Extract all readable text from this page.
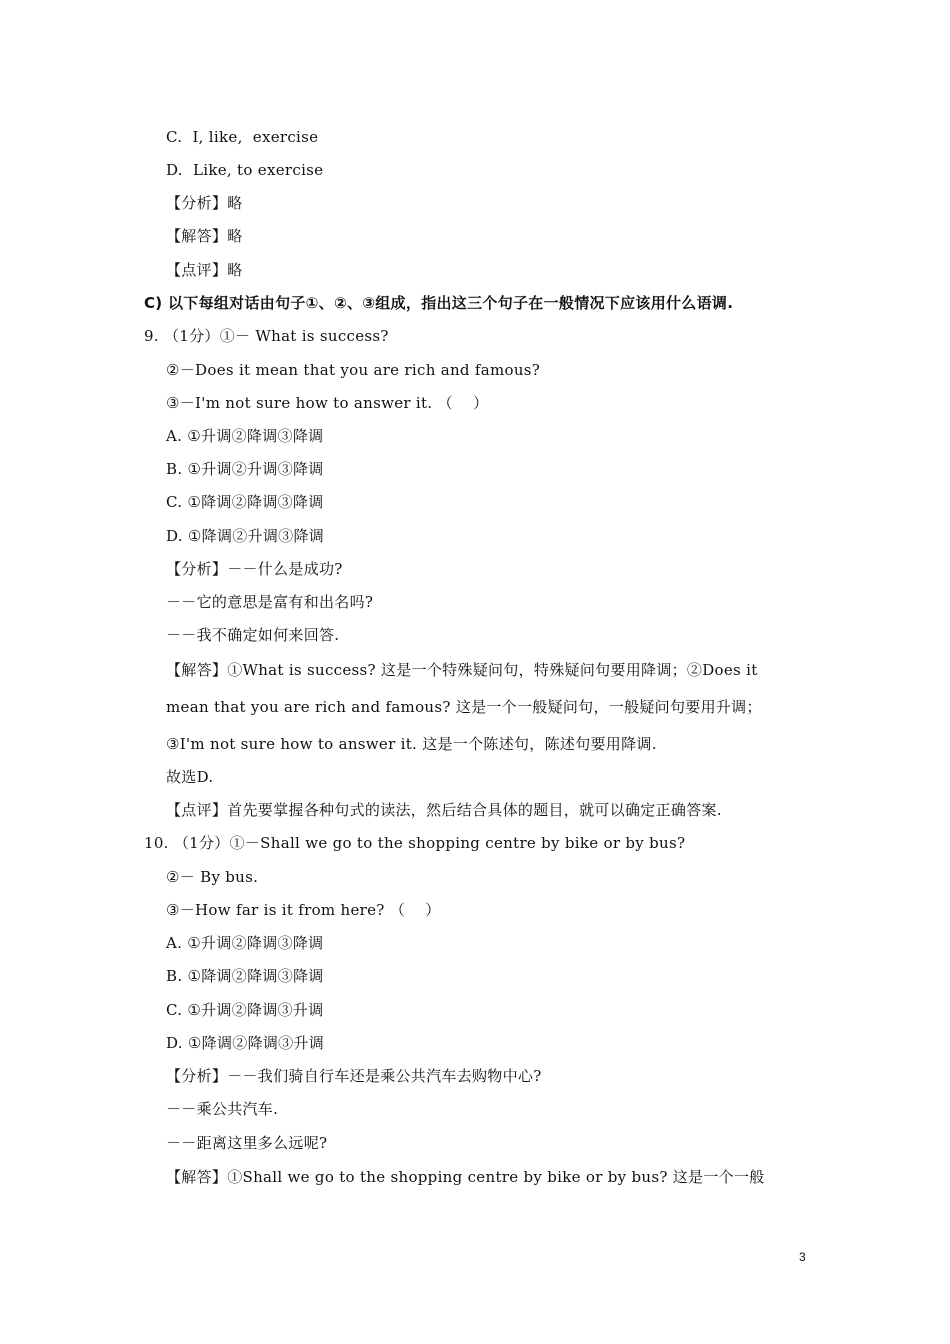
C.  I, like,  exercise
D.  Like, to exercise
【分析】略
【解答】略
【点评】略
C) 以下每组对话由句子①、②、③组成，指出这三个句子在一般情况下应该用什么语调.
9. （1分）①－ What is success?
②－Does it mean that you are rich and famous?
③－I'm not sure how to answer it. （    ）
A. ①升调②降调③降调
B. ①升调②升调③降调
C. ①降调②降调③降调
D. ①降调②升调③降调
【分析】－－什么是成功?
－－它的意思是富有和出名吗?
－－我不确定如何来回答.
【解答】①What is success? 这是一个特殊疑问句，特殊疑问句要用降调；②Does it
mean that you are rich and famous? 这是一个一般疑问句，一般疑问句要用升调；
③I'm not sure how to answer it. 这是一个陈述句，陈述句要用降调.
故选D.
【点评】首先要掌握各种句式的读法，然后结合具体的题目，就可以确定正确答案.
10. （1分）①－Shall we go to the shopping centre by bike or by bus?
②－ By bus.
③－How far is it from here? （    ）
A. ①升调②降调③降调
B. ①降调②降调③降调
C. ①升调②降调③升调
D. ①降调②降调③升调
【分析】－－我们骑自行车还是乘公共汽车去购物中心?
－－乘公共汽车.
－－距离这里多么远呢?
【解答】①Shall we go to the shopping centre by bike or by bus? 这是一个一般
3
